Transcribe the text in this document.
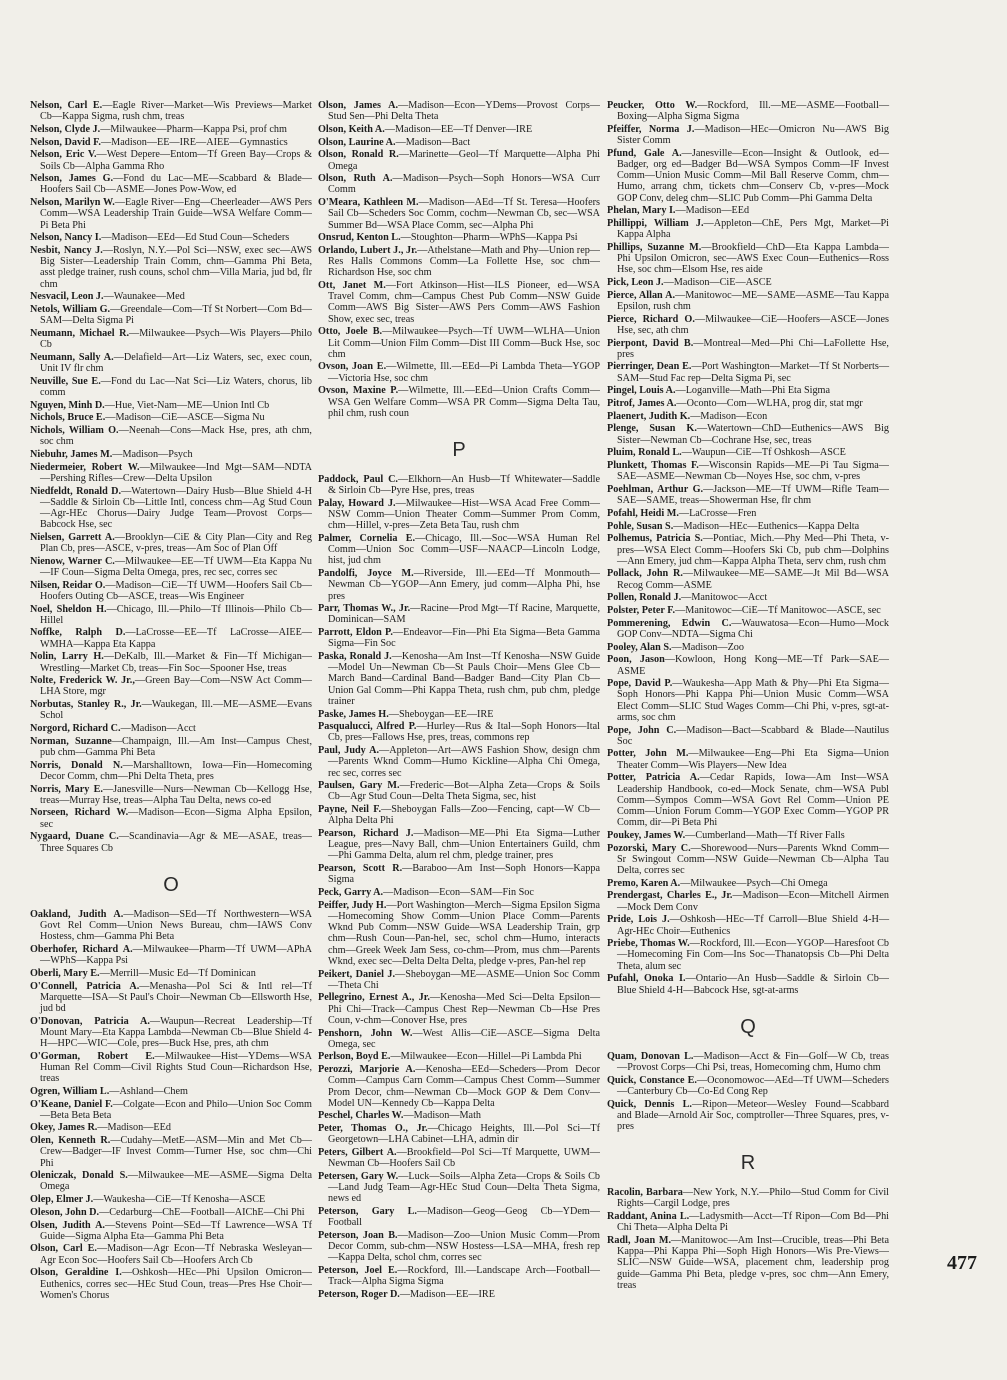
Nelson, Carl E.—Eagle River—Market—Wis Previews—Market Cb—Kappa Sigma, rush chm, treas
Nelson, Clyde J.—Milwaukee—Pharm—Kappa Psi, prof chm
Nelson, David F.—Madison—EE—IRE—AIEE—Gymnastics
Nelson, Eric V.—West Depere—Entom—Tf Green Bay—Crops & Soils Cb—Alpha Gamma Rho
Nelson, James G.—Fond du Lac—ME—Scabbard & Blade—Hoofers Sail Cb—ASME—Jones Pow-Wow, ed
Nelson, Marilyn W.—Eagle River—Eng—Cheerleader—AWS Pers Comm—WSA Leadership Train Guide—WSA Welfare Comm—Pi Beta Phi
Nelson, Nancy I.—Madison—EEd—Ed Stud Coun—Scheders
Nesbit, Nancy J.—Roslyn, N.Y.—Pol Sci—NSW, exec sec—AWS Big Sister—Leadership Train Comm, chm—Gamma Phi Beta, asst pledge trainer, rush couns, schol chm—Villa Maria, jud bd, flr chm
Nesvacil, Leon J.—Waunakee—Med
Netols, William G.—Greendale—Com—Tf St Norbert—Com Bd—SAM—Delta Sigma Pi
Neumann, Michael R.—Milwaukee—Psych—Wis Players—Philo Cb
Neumann, Sally A.—Delafield—Art—Liz Waters, sec, exec coun, Unit IV flr chm
Neuville, Sue E.—Fond du Lac—Nat Sci—Liz Waters, chorus, lib comm
Nguyen, Minh D.—Hue, Viet-Nam—ME—Union Intl Cb
Nichols, Bruce E.—Madison—CiE—ASCE—Sigma Nu
Nichols, William O.—Neenah—Cons—Mack Hse, pres, ath chm, soc chm
Niebuhr, James M.—Madison—Psych
Niedermeier, Robert W.—Milwaukee—Ind Mgt—SAM—NDTA—Pershing Rifles—Crew—Delta Upsilon
Niedfeldt, Ronald D.—Watertown—Dairy Husb—Blue Shield 4-H—Saddle & Sirloin Cb—Little Intl, concess chm—Ag Stud Coun—Agr-HEc Chorus—Dairy Judge Team—Provost Corps—Babcock Hse, sec
Nielsen, Garrett A.—Brooklyn—CiE & City Plan—City and Reg Plan Cb, pres—ASCE, v-pres, treas—Am Soc of Plan Off
Nienow, Warner C.—Milwaukee—EE—Tf UWM—Eta Kappa Nu—IF Coun—Sigma Delta Omega, pres, rec sec, corres sec
Nilsen, Reidar O.—Madison—CiE—Tf UWM—Hoofers Sail Cb—Hoofers Outing Cb—ASCE, treas—Wis Engineer
Noel, Sheldon H.—Chicago, Ill.—Philo—Tf Illinois—Philo Cb—Hillel
Noffke, Ralph D.—LaCrosse—EE—Tf LaCrosse—AIEE—WMHA—Kappa Eta Kappa
Nolin, Larry H.—DeKalb, Ill.—Market & Fin—Tf Michigan—Wrestling—Market Cb, treas—Fin Soc—Spooner Hse, treas
Nolte, Frederick W. Jr.,—Green Bay—Com—NSW Act Comm—LHA Store, mgr
Norbutas, Stanley R., Jr.—Waukegan, Ill.—ME—ASME—Evans Schol
Norgord, Richard C.—Madison—Acct
Norman, Suzanne—Champaign, Ill.—Am Inst—Campus Chest, pub chm—Gamma Phi Beta
Norris, Donald N.—Marshalltown, Iowa—Fin—Homecoming Decor Comm, chm—Phi Delta Theta, pres
Norris, Mary E.—Janesville—Nurs—Newman Cb—Kellogg Hse, treas—Murray Hse, treas—Alpha Tau Delta, news co-ed
Norseen, Richard W.—Madison—Econ—Sigma Alpha Epsilon, sec
Nygaard, Duane C.—Scandinavia—Agr & ME—ASAE, treas—Three Squares Cb
O
Oakland, Judith A.—Madison—SEd—Tf Northwestern—WSA Govt Rel Comm—Union News Bureau, chm—IAWS Conv Hostess, chm—Gamma Phi Beta
Oberhofer, Richard A.—Milwaukee—Pharm—Tf UWM—APhA—WPhS—Kappa Psi
Oberli, Mary E.—Merrill—Music Ed—Tf Dominican
O'Connell, Patricia A.—Menasha—Pol Sci & Intl rel—Tf Marquette—ISA—St Paul's Choir—Newman Cb—Ellsworth Hse, jud bd
O'Donovan, Patricia A.—Waupun—Recreat Leadership—Tf Mount Mary—Eta Kappa Lambda—Newman Cb—Blue Shield 4-H—HPC—WIC—Cole, pres—Buck Hse, pres, ath chm
O'Gorman, Robert E.—Milwaukee—Hist—YDems—WSA Human Rel Comm—Civil Rights Stud Coun—Richardson Hse, treas
Ogren, William L.—Ashland—Chem
O'Keane, Daniel F.—Colgate—Econ and Philo—Union Soc Comm—Beta Beta Beta
Okey, James R.—Madison—EEd
Olen, Kenneth R.—Cudahy—MetE—ASM—Min and Met Cb—Crew—Badger—IF Invest Comm—Turner Hse, soc chm—Chi Phi
Oleniczak, Donald S.—Milwaukee—ME—ASME—Sigma Delta Omega
Olep, Elmer J.—Waukesha—CiE—Tf Kenosha—ASCE
Oleson, John D.—Cedarburg—ChE—Football—AIChE—Chi Phi
Olsen, Judith A.—Stevens Point—SEd—Tf Lawrence—WSA Tf Guide—Sigma Alpha Eta—Gamma Phi Beta
Olson, Carl E.—Madison—Agr Econ—Tf Nebraska Wesleyan—Agr Econ Soc—Hoofers Sail Cb—Hoofers Arch Cb
Olson, Geraldine I.—Oshkosh—HEc—Phi Upsilon Omicron—Euthenics, corres sec—HEc Stud Coun, treas—Pres Hse Choir—Women's Chorus
Olson, James A.—Madison—Econ—YDems—Provost Corps—Stud Sen—Phi Delta Theta
Olson, Keith A.—Madison—EE—Tf Denver—IRE
Olson, Laurine A.—Madison—Bact
Olson, Ronald R.—Marinette—Geol—Tf Marquette—Alpha Phi Omega
Olson, Ruth A.—Madison—Psych—Soph Honors—WSA Curr Comm
O'Meara, Kathleen M.—Madison—AEd—Tf St. Teresa—Hoofers Sail Cb—Scheders Soc Comm, cochm—Newman Cb, sec—WSA Summer Bd—WSA Place Comm, sec—Alpha Phi
Onsrud, Kenton L.—Stoughton—Pharm—WPhS—Kappa Psi
Orlando, Lubert J., Jr.—Athelstane—Math and Phy—Union rep—Res Halls Commons Comm—La Follette Hse, soc chm—Richardson Hse, soc chm
Ott, Janet M.—Fort Atkinson—Hist—ILS Pioneer, ed—WSA Travel Comm, chm—Campus Chest Pub Comm—NSW Guide Comm—AWS Big Sister—AWS Pers Comm—AWS Fashion Show, exec sec, treas
Otto, Joele B.—Milwaukee—Psych—Tf UWM—WLHA—Union Lit Comm—Union Film Comm—Dist III Comm—Buck Hse, soc chm
Ovson, Joan E.—Wilmette, Ill.—EEd—Pi Lambda Theta—YGOP—Victoria Hse, soc chm
Ovson, Maxine P.—Wilmette, Ill.—EEd—Union Crafts Comm—WSA Gen Welfare Comm—WSA PR Comm—Sigma Delta Tau, phil chm, rush coun
P
Paddock, Paul C.—Elkhorn—An Husb—Tf Whitewater—Saddle & Sirloin Cb—Pyre Hse, pres, treas
Palay, Howard J.—Milwaukee—Hist—WSA Acad Free Comm—NSW Comm—Union Theater Comm—Summer Prom Comm, chm—Hillel, v-pres—Zeta Beta Tau, rush chm
Palmer, Cornelia E.—Chicago, Ill.—Soc—WSA Human Rel Comm—Union Soc Comm—USF—NAACP—Lincoln Lodge, hist, jud chm
Pandolfi, Joyce M.—Riverside, Ill.—EEd—Tf Monmouth—Newman Cb—YGOP—Ann Emery, jud comm—Alpha Phi, hse pres
Parr, Thomas W., Jr.—Racine—Prod Mgt—Tf Racine, Marquette, Dominican—SAM
Parrott, Eldon P.—Endeavor—Fin—Phi Eta Sigma—Beta Gamma Sigma—Fin Soc
Paska, Ronald J.—Kenosha—Am Inst—Tf Kenosha—NSW Guide—Model Un—Newman Cb—St Pauls Choir—Mens Glee Cb—March Band—Cardinal Band—Badger Band—City Plan Cb—Union Gal Comm—Phi Kappa Theta, rush chm, pub chm, pledge trainer
Paske, James H.—Sheboygan—EE—IRE
Pasqualucci, Alfred P.—Hurley—Rus & Ital—Soph Honors—Ital Cb, pres—Fallows Hse, pres, treas, commons rep
Paul, Judy A.—Appleton—Art—AWS Fashion Show, design chm—Parents Wknd Comm—Humo Kickline—Alpha Chi Omega, rec sec, corres sec
Paulsen, Gary M.—Frederic—Bot—Alpha Zeta—Crops & Soils Cb—Agr Stud Coun—Delta Theta Sigma, sec, hist
Payne, Neil F.—Sheboygan Falls—Zoo—Fencing, capt—W Cb—Alpha Delta Phi
Pearson, Richard J.—Madison—ME—Phi Eta Sigma—Luther League, pres—Navy Ball, chm—Union Entertainers Guild, chm—Phi Gamma Delta, alum rel chm, pledge trainer, pres
Pearson, Scott R.—Baraboo—Am Inst—Soph Honors—Kappa Sigma
Peck, Garry A.—Madison—Econ—SAM—Fin Soc
Peiffer, Judy H.—Port Washington—Merch—Sigma Epsilon Sigma—Homecoming Show Comm—Union Place Comm—Parents Wknd Pub Comm—NSW Guide—WSA Leadership Train, grp chm—Rush Coun—Pan-hel, sec, schol chm—Humo, interacts chm—Greek Week Jam Sess, co-chm—Prom, mus chm—Parents Wknd, exec sec—Delta Delta Delta, pledge v-pres, Pan-hel rep
Peikert, Daniel J.—Sheboygan—ME—ASME—Union Soc Comm—Theta Chi
Pellegrino, Ernest A., Jr.—Kenosha—Med Sci—Delta Epsilon—Phi Chi—Track—Campus Chest Rep—Newman Cb—Hse Pres Coun, v-chm—Conover Hse, pres
Penshorn, John W.—West Allis—CiE—ASCE—Sigma Delta Omega, sec
Perlson, Boyd E.—Milwaukee—Econ—Hillel—Pi Lambda Phi
Perozzi, Marjorie A.—Kenosha—EEd—Scheders—Prom Decor Comm—Campus Carn Comm—Campus Chest Comm—Summer Prom Decor, chm—Newman Cb—Mock GOP & Dem Conv—Model UN—Kennedy Cb—Kappa Delta
Peschel, Charles W.—Madison—Math
Peter, Thomas O., Jr.—Chicago Heights, Ill.—Pol Sci—Tf Georgetown—LHA Cabinet—LHA, admin dir
Peters, Gilbert A.—Brookfield—Pol Sci—Tf Marquette, UWM—Newman Cb—Hoofers Sail Cb
Petersen, Gary W.—Luck—Soils—Alpha Zeta—Crops & Soils Cb—Land Judg Team—Agr-HEc Stud Coun—Delta Theta Sigma, news ed
Peterson, Gary L.—Madison—Geog—Geog Cb—YDem—Football
Peterson, Joan B.—Madison—Zoo—Union Music Comm—Prom Decor Comm, sub-chm—NSW Hostess—LSA—MHA, fresh rep—Kappa Delta, schol chm, corres sec
Peterson, Joel E.—Rockford, Ill.—Landscape Arch—Football—Track—Alpha Sigma Sigma
Peterson, Roger D.—Madison—EE—IRE
Peucker, Otto W.—Rockford, Ill.—ME—ASME—Football—Boxing—Alpha Sigma Sigma
Pfeiffer, Norma J.—Madison—HEc—Omicron Nu—AWS Big Sister Comm
Pfund, Gale A.—Janesville—Econ—Insight & Outlook, ed—Badger, org ed—Badger Bd—WSA Sympos Comm—IF Invest Comm—Union Music Comm—Mil Ball Reserve Comm, chm—Humo, arrang chm, tickets chm—Conserv Cb, v-pres—Mock GOP Conv, deleg chm—SLIC Pub Comm—Phi Gamma Delta
Phelan, Mary I.—Madison—EEd
Phillippi, William J.—Appleton—ChE, Pers Mgt, Market—Pi Kappa Alpha
Phillips, Suzanne M.—Brookfield—ChD—Eta Kappa Lambda—Phi Upsilon Omicron, sec—AWS Exec Coun—Euthenics—Ross Hse, soc chm—Elsom Hse, res aide
Pick, Leon J.—Madison—CiE—ASCE
Pierce, Allan A.—Manitowoc—ME—SAME—ASME—Tau Kappa Epsilon, rush chm
Pierce, Richard O.—Milwaukee—CiE—Hoofers—ASCE—Jones Hse, sec, ath chm
Pierpont, David B.—Montreal—Med—Phi Chi—LaFollette Hse, pres
Pierringer, Dean E.—Port Washington—Market—Tf St Norberts—SAM—Stud Fac rep—Delta Sigma Pi, sec
Pingel, Louis A.—Loganville—Math—Phi Eta Sigma
Pitrof, James A.—Oconto—Com—WLHA, prog dir, stat mgr
Plaenert, Judith K.—Madison—Econ
Plenge, Susan K.—Watertown—ChD—Euthenics—AWS Big Sister—Newman Cb—Cochrane Hse, sec, treas
Pluim, Ronald L.—Waupun—CiE—Tf Oshkosh—ASCE
Plunkett, Thomas F.—Wisconsin Rapids—ME—Pi Tau Sigma—SAE—ASME—Newman Cb—Noyes Hse, soc chm, v-pres
Poehlman, Arthur G.—Jackson—ME—Tf UWM—Rifle Team—SAE—SAME, treas—Showerman Hse, flr chm
Pofahl, Heidi M.—LaCrosse—Fren
Pohle, Susan S.—Madison—HEc—Euthenics—Kappa Delta
Polhemus, Patricia S.—Pontiac, Mich.—Phy Med—Phi Theta, v-pres—WSA Elect Comm—Hoofers Ski Cb, pub chm—Dolphins—Ann Emery, jud chm—Kappa Alpha Theta, serv chm, rush chm
Pollack, John R.—Milwaukee—ME—SAME—Jt Mil Bd—WSA Recog Comm—ASME
Pollen, Ronald J.—Manitowoc—Acct
Polster, Peter F.—Manitowoc—CiE—Tf Manitowoc—ASCE, sec
Pommerening, Edwin C.—Wauwatosa—Econ—Humo—Mock GOP Conv—NDTA—Sigma Chi
Pooley, Alan S.—Madison—Zoo
Poon, Jason—Kowloon, Hong Kong—ME—Tf Park—SAE—ASME
Pope, David P.—Waukesha—App Math & Phy—Phi Eta Sigma—Soph Honors—Phi Kappa Phi—Union Music Comm—WSA Elect Comm—SLIC Stud Wages Comm—Chi Phi, v-pres, sgt-at-arms, soc chm
Pope, John C.—Madison—Bact—Scabbard & Blade—Nautilus Soc
Potter, John M.—Milwaukee—Eng—Phi Eta Sigma—Union Theater Comm—Wis Players—New Idea
Potter, Patricia A.—Cedar Rapids, Iowa—Am Inst—WSA Leadership Handbook, co-ed—Mock Senate, chm—WSA Publ Comm—Sympos Comm—WSA Govt Rel Comm—Union PE Comm—Union Forum Comm—YGOP Exec Comm—YGOP PR Comm, dir—Pi Beta Phi
Poukey, James W.—Cumberland—Math—Tf River Falls
Pozorski, Mary C.—Shorewood—Nurs—Parents Wknd Comm—Sr Swingout Comm—NSW Guide—Newman Cb—Alpha Tau Delta, corres sec
Premo, Karen A.—Milwaukee—Psych—Chi Omega
Prendergast, Charles E., Jr.—Madison—Econ—Mitchell Airmen—Mock Dem Conv
Pride, Lois J.—Oshkosh—HEc—Tf Carroll—Blue Shield 4-H—Agr-HEc Choir—Euthenics
Priebe, Thomas W.—Rockford, Ill.—Econ—YGOP—Haresfoot Cb—Homecoming Fin Com—Ins Soc—Thanatopsis Cb—Phi Delta Theta, alum sec
Pufahl, Onoka I.—Ontario—An Husb—Saddle & Sirloin Cb—Blue Shield 4-H—Babcock Hse, sgt-at-arms
Q
Quam, Donovan L.—Madison—Acct & Fin—Golf—W Cb, treas—Provost Corps—Chi Psi, treas, Homecoming chm, Humo chm
Quick, Constance E.—Oconomowoc—AEd—Tf UWM—Scheders—Canterbury Cb—Co-Ed Cong Rep
Quick, Dennis L.—Ripon—Meteor—Wesley Found—Scabbard and Blade—Arnold Air Soc, comptroller—Three Squares, pres, v-pres
R
Racolin, Barbara—New York, N.Y.—Philo—Stud Comm for Civil Rights—Cargil Lodge, pres
Raddant, Anina L.—Ladysmith—Acct—Tf Ripon—Com Bd—Phi Chi Theta—Alpha Delta Pi
Radl, Joan M.—Manitowoc—Am Inst—Crucible, treas—Phi Beta Kappa—Phi Kappa Phi—Soph High Honors—Wis Pre-Views—SLIC—NSW Guide—WSA, placement chm, leadership prog guide—Gamma Phi Beta, pledge v-pres, soc chm—Ann Emery, treas
477
